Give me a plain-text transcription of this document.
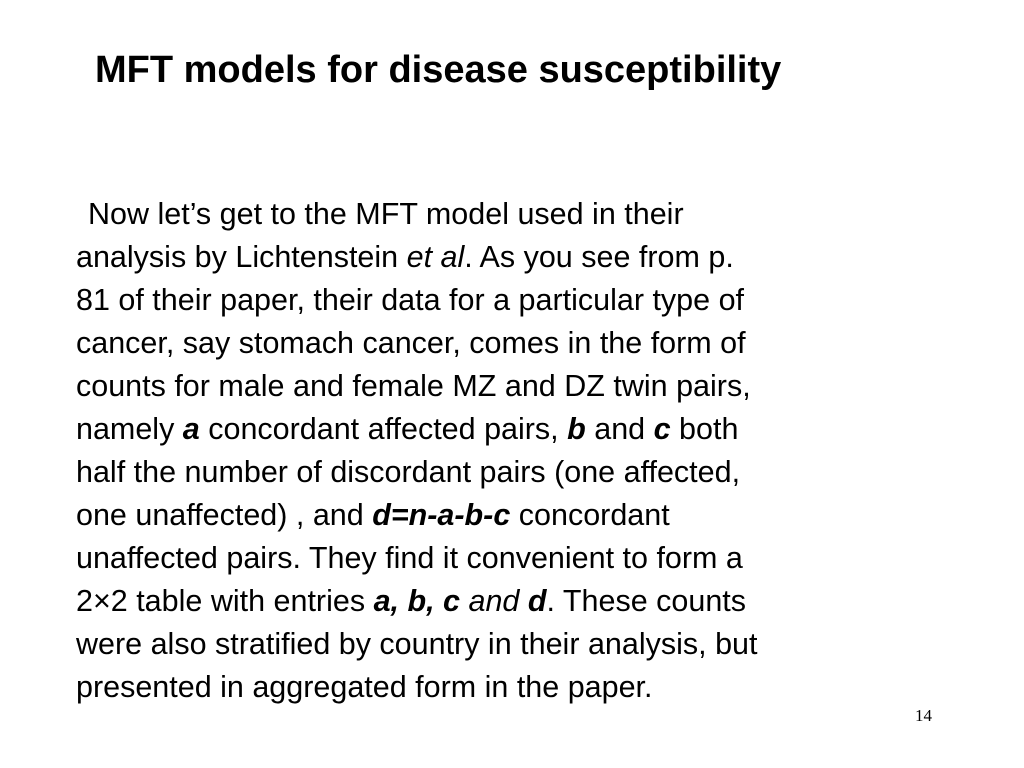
MFT models for disease susceptibility
Now let’s get to the MFT model used in their
analysis by Lichtenstein et al. As you see from p.
81 of their paper, their data for a particular type of
cancer, say stomach cancer, comes in the form of
counts for male and female MZ and DZ twin pairs,
namely a concordant affected pairs, b and c both
half the number of discordant pairs (one affected,
one unaffected) , and d=n-a-b-c concordant
unaffected pairs. They find it convenient to form a
2×2 table with entries a, b, c and d. These counts
were also stratified by country in their analysis, but
presented in aggregated form in the paper.
14
